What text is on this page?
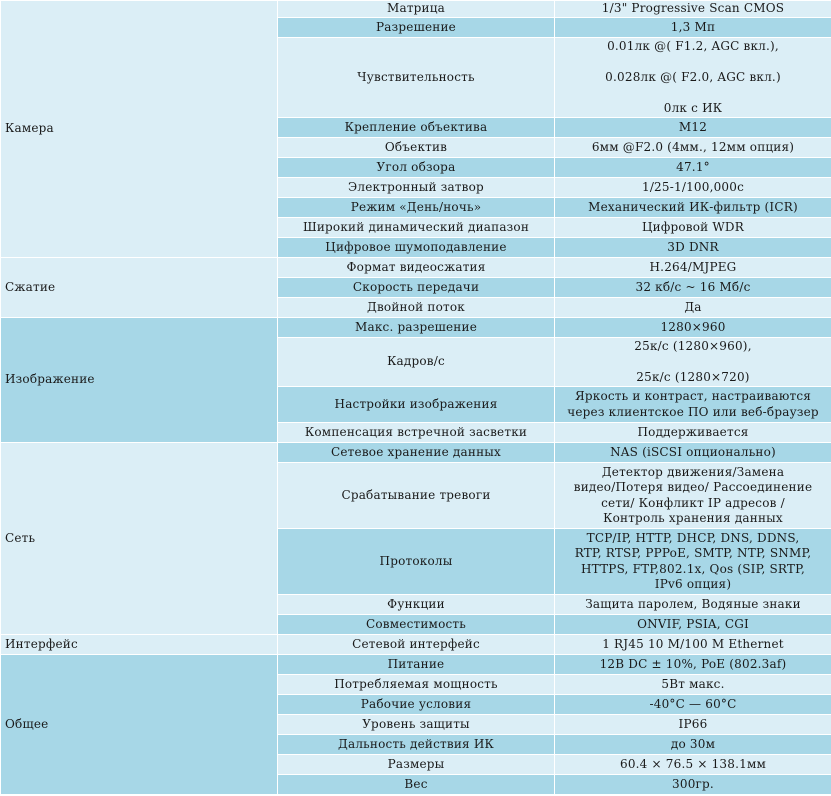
Камера	Матрица	1/3" Progressive Scan CMOS

	Разрешение	1,3 Мп

	Чувствительность	0.01лк @( F1.2, AGC вкл.),

0.028лк @( F2.0, AGC вкл.)

0лк с ИК

	Крепление объектива	M12

	Объектив	6мм @F2.0 (4мм., 12мм опция)

	Угол обзора	47.1°

	Электронный затвор	1/25-1/100,000с

	Режим «День/ночь»	Механический ИК-фильтр (ICR)

	Широкий динамический диапазон	Цифровой WDR

	Цифровое шумоподавление	3D DNR

Сжатие	Формат видеосжатия	H.264/MJPEG

	Скорость передачи	32 кб/с ~ 16 Мб/с

	Двойной поток	Да

Изображение	Макс. разрешение	1280×960

	Кадров/с	25к/с (1280×960),

25к/с (1280×720)

	Настройки изображения	Яркость и контраст, настраиваются
через клиентское ПО или веб-браузер

	Компенсация встречной засветки	Поддерживается

Сеть	Сетевое хранение данных	NAS (iSCSI опционально)

	Срабатывание тревоги	Детектор движения/Замена
видео/Потеря видео/ Рассоединение
сети/ Конфликт IP адресов /
Контроль хранения данных

	Протоколы	TCP/IP, HTTP, DHCP, DNS, DDNS,
RTP, RTSP, PPPoE, SMTP, NTP, SNMP,
HTTPS, FTP,802.1x, Qos (SIP, SRTP,
IPv6 опция)

	Функции	Защита паролем, Водяные знаки

	Совместимость	ONVIF, PSIA, CGI

Интерфейс	Сетевой интерфейс	1 RJ45 10 M/100 M Ethernet

Общее	Питание	12В DC ± 10%, PoE (802.3af)

	Потребляемая мощность	5Вт макс.

	Рабочие условия	-40°C — 60°C

	Уровень защиты	IP66

	Дальность действия ИК	до 30м

	Размеры	60.4 × 76.5 × 138.1мм

	Вес	300гр.
